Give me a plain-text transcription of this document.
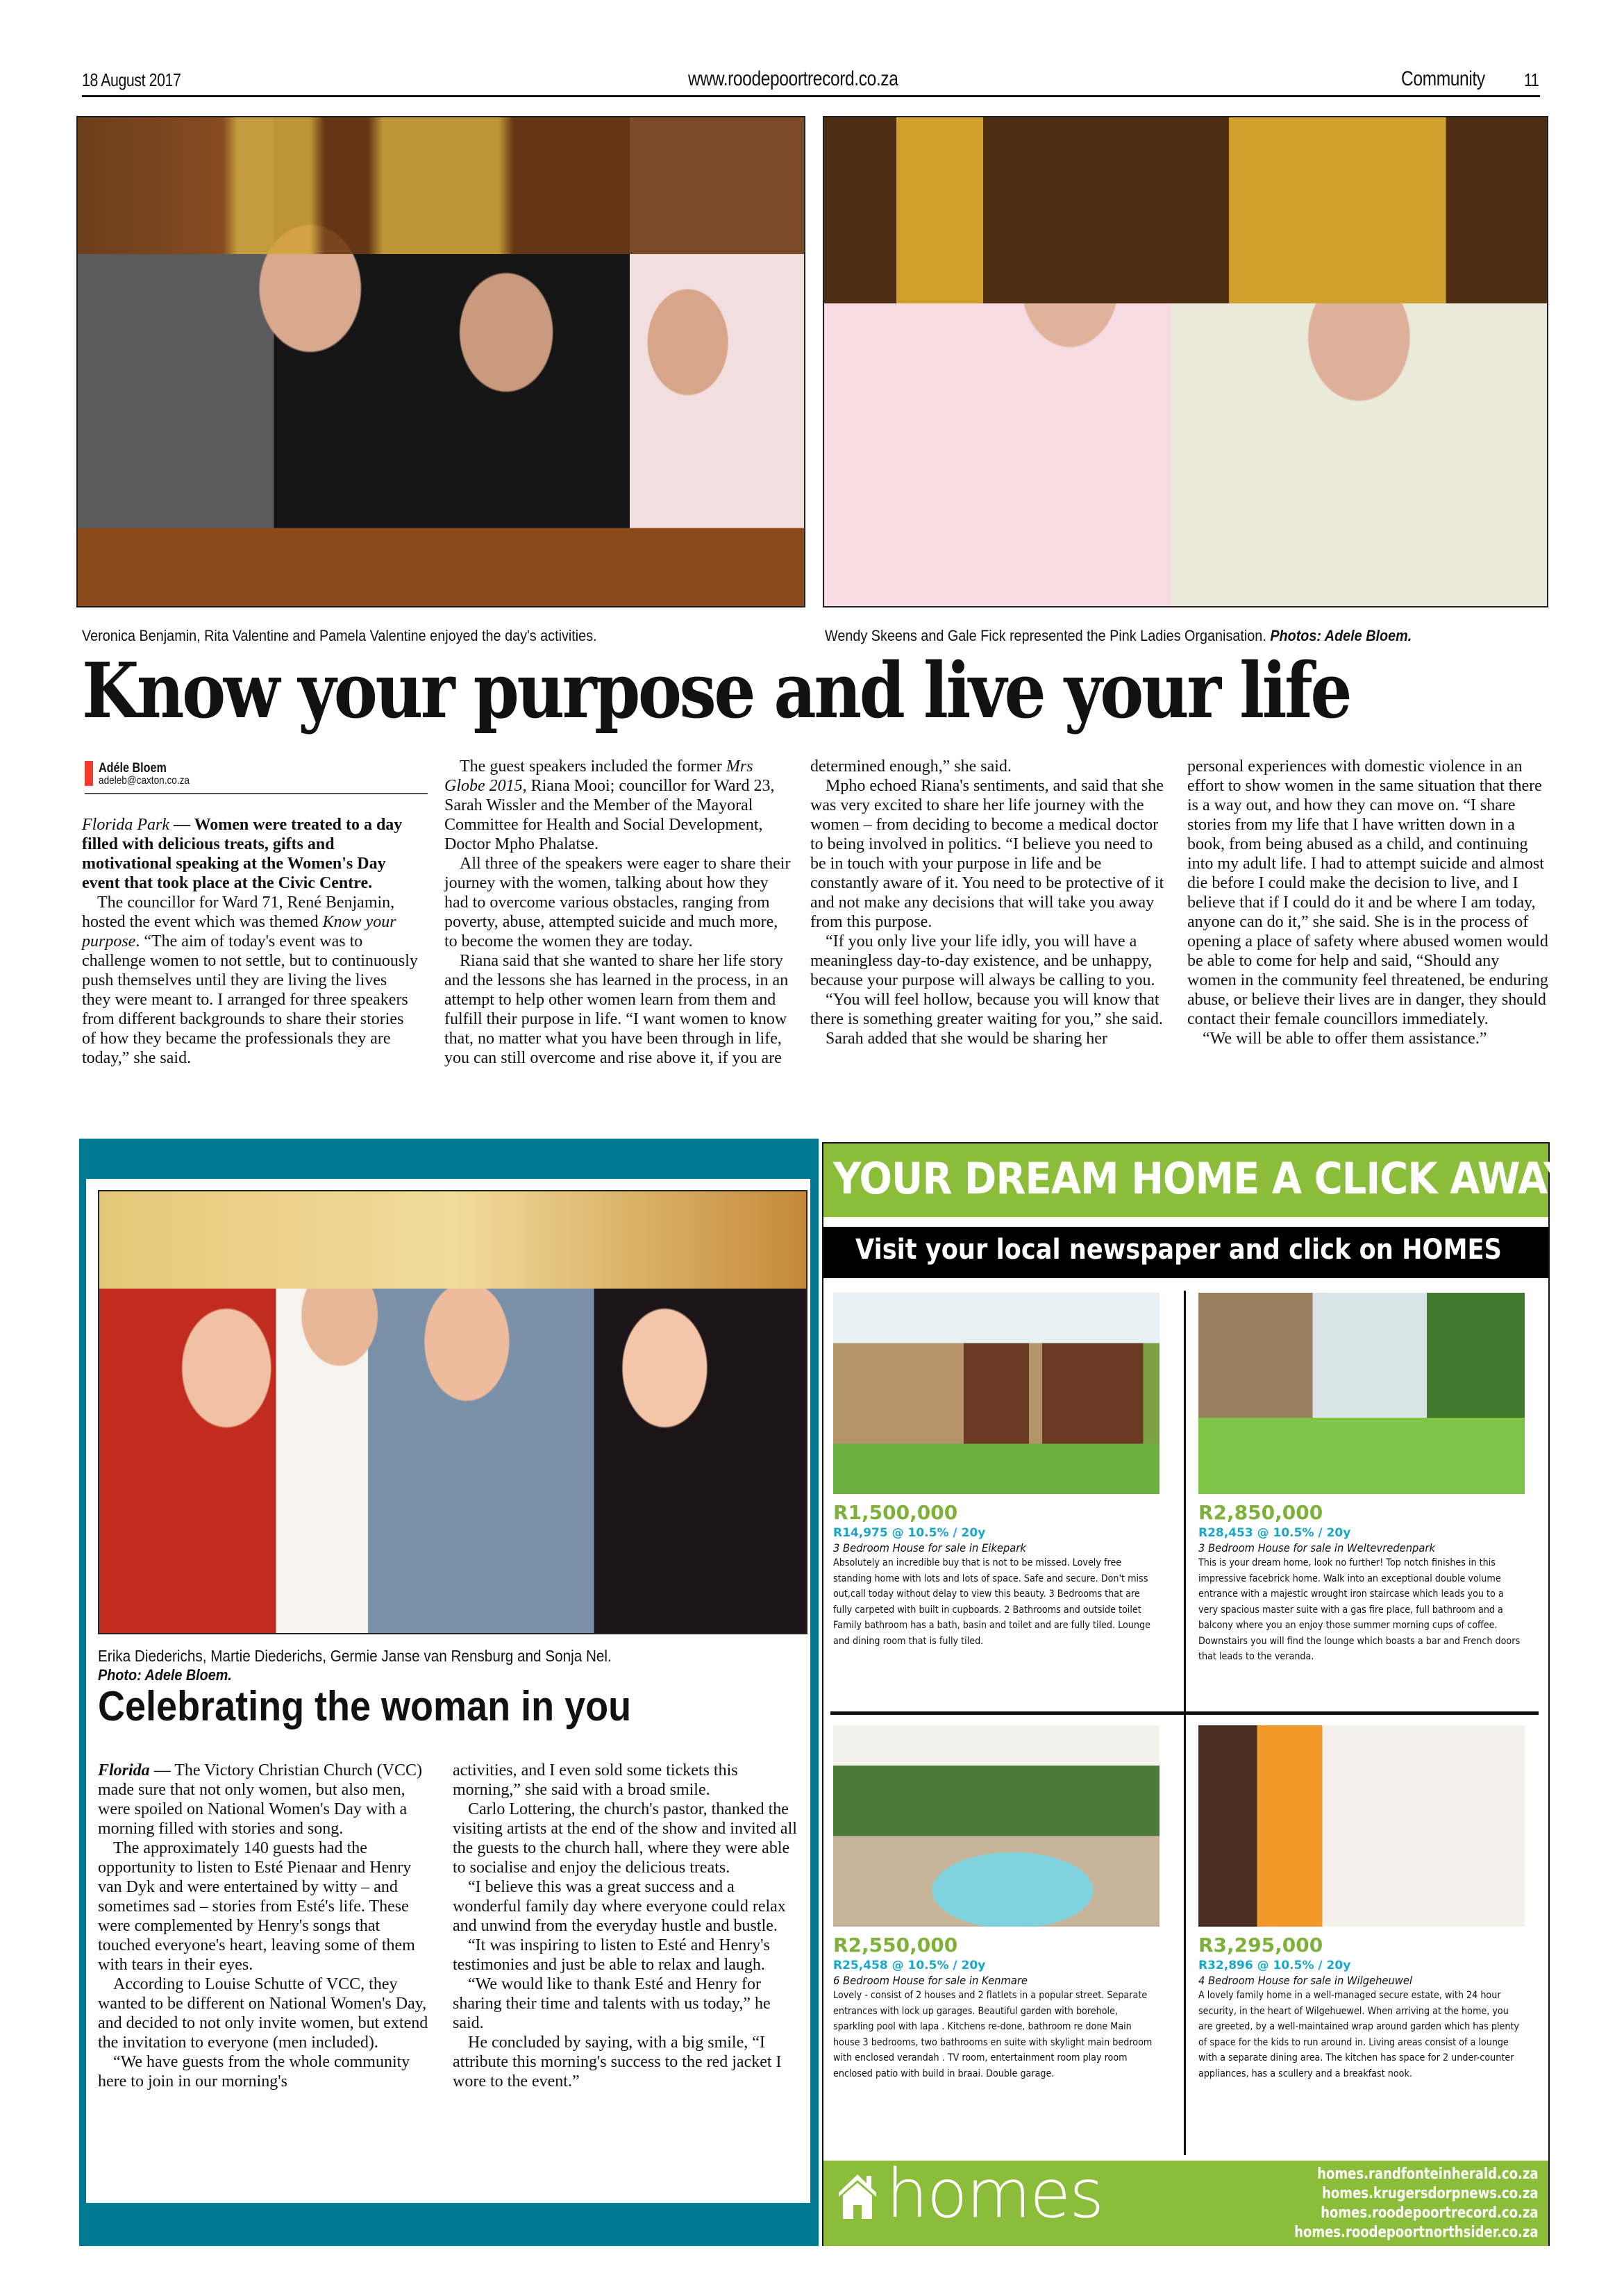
18 August 2017	www.roodepoortrecord.co.za	Community 11
Veronica Benjamin, Rita Valentine and Pamela Valentine enjoyed the day's activities.	Wendy Skeens and Gale Fick represented the Pink Ladies Organisation. Photos: Adele Bloem.
Know your purpose and live your life
Adéle Bloem
adeleb@caxton.co.za

Florida Park — Women were treated to a day filled with delicious treats, gifts and motivational speaking at the Women's Day event that took place at the Civic Centre.

The councillor for Ward 71, René Benjamin, hosted the event which was themed Know your purpose. “The aim of today's event was to challenge women to not settle, but to continuously push themselves until they are living the lives they were meant to. I arranged for three speakers from different backgrounds to share their stories of how they became the professionals they are today,” she said.

The guest speakers included the former Mrs Globe 2015, Riana Mooi; councillor for Ward 23, Sarah Wissler and the Member of the Mayoral Committee for Health and Social Development, Doctor Mpho Phalatse.

All three of the speakers were eager to share their journey with the women, talking about how they had to overcome various obstacles, ranging from poverty, abuse, attempted suicide and much more, to become the women they are today.

Riana said that she wanted to share her life story and the lessons she has learned in the process, in an attempt to help other women learn from them and fulfill their purpose in life. “I want women to know that, no matter what you have been through in life, you can still overcome and rise above it, if you are

determined enough,” she said.

Mpho echoed Riana's sentiments, and said that she was very excited to share her life journey with the women – from deciding to become a medical doctor to being involved in politics. “I believe you need to be in touch with your purpose in life and be constantly aware of it. You need to be protective of it and not make any decisions that will take you away from this purpose.

“If you only live your life idly, you will have a meaningless day-to-day existence, and be unhappy, because your purpose will always be calling to you.

“You will feel hollow, because you will know that there is something greater waiting for you,” she said.

Sarah added that she would be sharing her

personal experiences with domestic violence in an effort to show women in the same situation that there is a way out, and how they can move on. “I share stories from my life that I have written down in a book, from being abused as a child, and continuing into my adult life. I had to attempt suicide and almost die before I could make the decision to live, and I believe that if I could do it and be where I am today, anyone can do it,” she said. She is in the process of opening a place of safety where abused women would be able to come for help and said, “Should any women in the community feel threatened, be enduring abuse, or believe their lives are in danger, they should contact their female councillors immediately.

“We will be able to offer them assistance.”

Erika Diederichs, Martie Diederichs, Germie Janse van Rensburg and Sonja Nel.
Photo: Adele Bloem.
Celebrating the woman in you

Florida — The Victory Christian Church (VCC) made sure that not only women, but also men, were spoiled on National Women's Day with a morning filled with stories and song.

The approximately 140 guests had the opportunity to listen to Esté Pienaar and Henry van Dyk and were entertained by witty – and sometimes sad – stories from Esté's life. These were complemented by Henry's songs that touched everyone's heart, leaving some of them with tears in their eyes.

According to Louise Schutte of VCC, they wanted to be different on National Women's Day, and decided to not only invite women, but extend the invitation to everyone (men included).

“We have guests from the whole community here to join in our morning's

activities, and I even sold some tickets this morning,” she said with a broad smile.

Carlo Lottering, the church's pastor, thanked the visiting artists at the end of the show and invited all the guests to the church hall, where they were able to socialise and enjoy the delicious treats.

“I believe this was a great success and a wonderful family day where everyone could relax and unwind from the everyday hustle and bustle.

“It was inspiring to listen to Esté and Henry's testimonies and just be able to relax and laugh.

“We would like to thank Esté and Henry for sharing their time and talents with us today,” he said.

He concluded by saying, with a big smile, “I attribute this morning's success to the red jacket I wore to the event.”

YOUR DREAM HOME A CLICK AWAY
Visit your local newspaper and click on HOMES
R1,500,000
R14,975 @ 10.5% / 20y
3 Bedroom House for sale in Eikepark
Absolutely an incredible buy that is not to be missed. Lovely free standing home with lots and lots of space. Safe and secure. Don't miss out,call today without delay to view this beauty. 3 Bedrooms that are fully carpeted with built in cupboards. 2 Bathrooms and outside toilet Family bathroom has a bath, basin and toilet and are fully tiled. Lounge and dining room that is fully tiled.
R2,850,000
R28,453 @ 10.5% / 20y
3 Bedroom House for sale in Weltevredenpark
This is your dream home, look no further! Top notch finishes in this impressive facebrick home. Walk into an exceptional double volume entrance with a majestic wrought iron staircase which leads you to a very spacious master suite with a gas fire place, full bathroom and a balcony where you an enjoy those summer morning cups of coffee. Downstairs you will find the lounge which boasts a bar and French doors that leads to the veranda.
R2,550,000
R25,458 @ 10.5% / 20y
6 Bedroom House for sale in Kenmare
Lovely - consist of 2 houses and 2 flatlets in a popular street. Separate entrances with lock up garages. Beautiful garden with borehole, sparkling pool with lapa . Kitchens re-done, bathroom re done Main house 3 bedrooms, two bathrooms en suite with skylight main bedroom with enclosed verandah . TV room, entertainment room play room enclosed patio with build in braai. Double garage.
R3,295,000
R32,896 @ 10.5% / 20y
4 Bedroom House for sale in Wilgeheuwel
A lovely family home in a well-managed secure estate, with 24 hour security, in the heart of Wilgehuewel. When arriving at the home, you are greeted, by a well-maintained wrap around garden which has plenty of space for the kids to run around in. Living areas consist of a lounge with a separate dining area. The kitchen has space for 2 under-counter appliances, has a scullery and a breakfast nook.
homes	homes.randfonteinherald.co.za
homes.krugersdorpnews.co.za
homes.roodepoortrecord.co.za
homes.roodepoortnorthsider.co.za
